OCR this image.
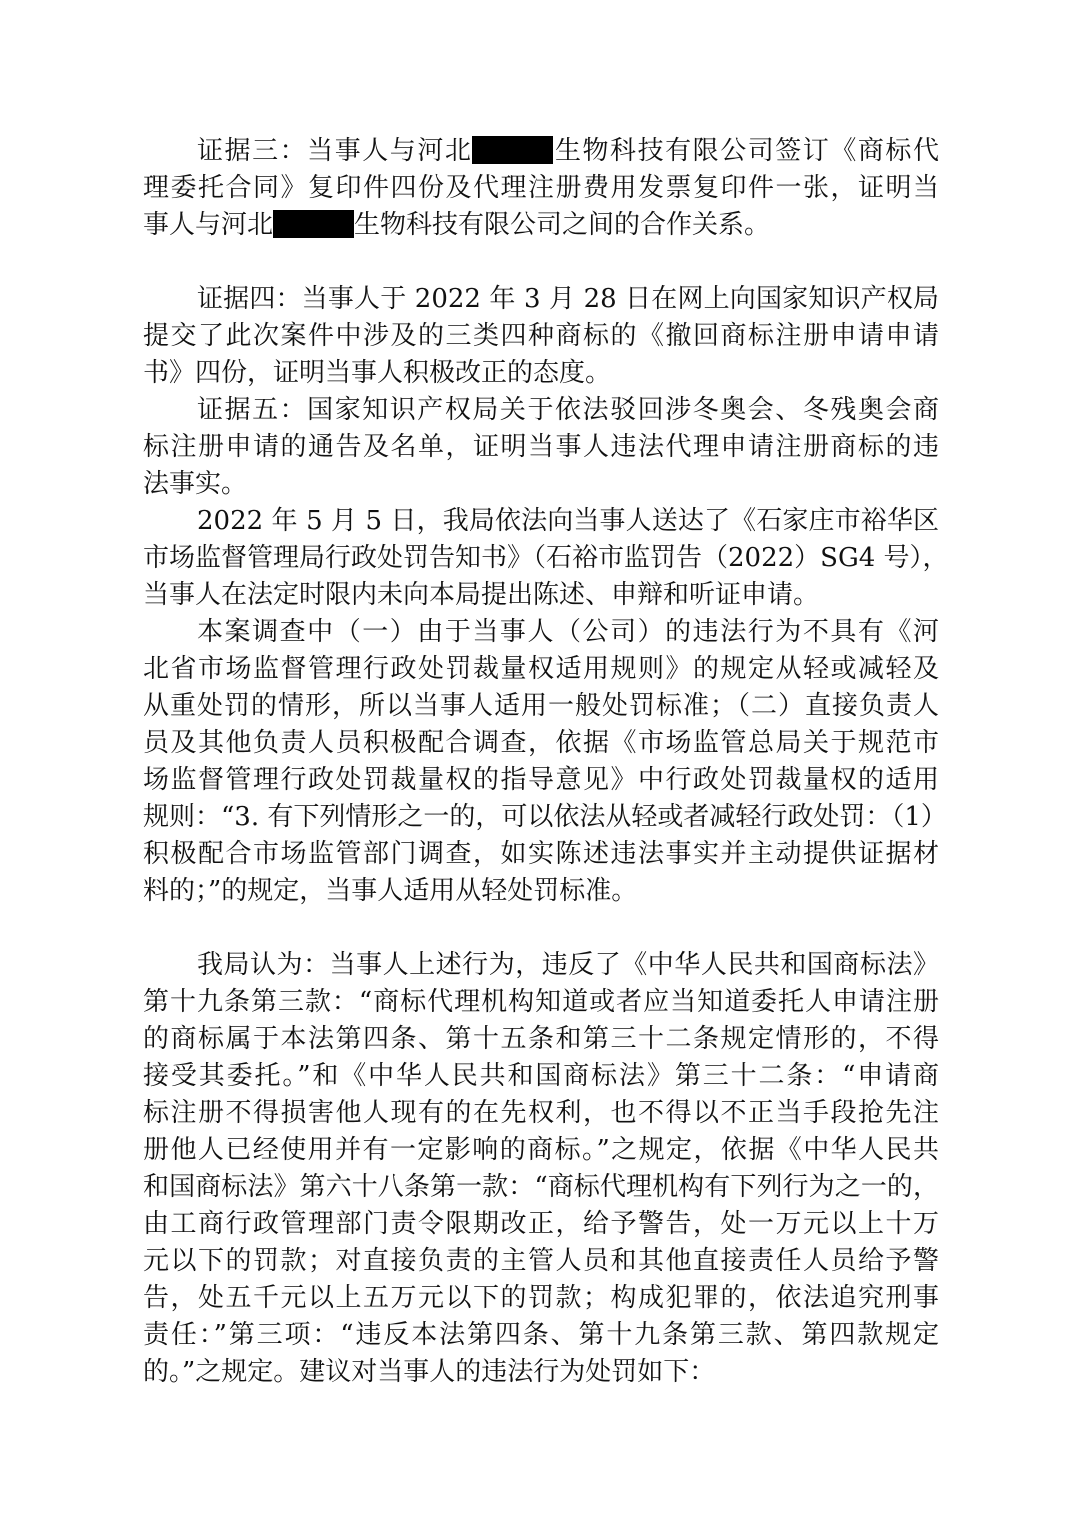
证据三：当事人与河北	生物科技有限公司签订《商标代
理委托合同》复印件四份及代理注册费用发票复印件一张，证明当
事人与河北	生物科技有限公司之间的合作关系。
证据四：当事人于 2022 年 3 月 28 日在网上向国家知识产权局
提交了此次案件中涉及的三类四种商标的《撤回商标注册申请申请
书》四份，证明当事人积极改正的态度。
证据五：国家知识产权局关于依法驳回涉冬奥会、冬残奥会商
标注册申请的通告及名单，证明当事人违法代理申请注册商标的违
法事实。
2022 年 5 月 5 日，我局依法向当事人送达了《石家庄市裕华区
市场监督管理局行政处罚告知书》（石裕市监罚告（2022）SG4 号），
当事人在法定时限内未向本局提出陈述、申辩和听证申请。
本案调查中（一）由于当事人（公司）的违法行为不具有《河
北省市场监督管理行政处罚裁量权适用规则》的规定从轻或减轻及
从重处罚的情形，所以当事人适用一般处罚标准；（二）直接负责人
员及其他负责人员积极配合调查，依据《市场监管总局关于规范市
场监督管理行政处罚裁量权的指导意见》中行政处罚裁量权的适用
规则：“3. 有下列情形之一的，可以依法从轻或者减轻行政处罚：（1）
积极配合市场监管部门调查，如实陈述违法事实并主动提供证据材
料的；”的规定，当事人适用从轻处罚标准。
我局认为：当事人上述行为，违反了《中华人民共和国商标法》
第十九条第三款：“商标代理机构知道或者应当知道委托人申请注册
的商标属于本法第四条、第十五条和第三十二条规定情形的，不得
接受其委托。”和《中华人民共和国商标法》第三十二条：“申请商
标注册不得损害他人现有的在先权利，也不得以不正当手段抢先注
册他人已经使用并有一定影响的商标。”之规定，依据《中华人民共
和国商标法》第六十八条第一款：“商标代理机构有下列行为之一的，
由工商行政管理部门责令限期改正，给予警告，处一万元以上十万
元以下的罚款；对直接负责的主管人员和其他直接责任人员给予警
告，处五千元以上五万元以下的罚款；构成犯罪的，依法追究刑事
责任：”第三项：“违反本法第四条、第十九条第三款、第四款规定
的。”之规定。建议对当事人的违法行为处罚如下：
